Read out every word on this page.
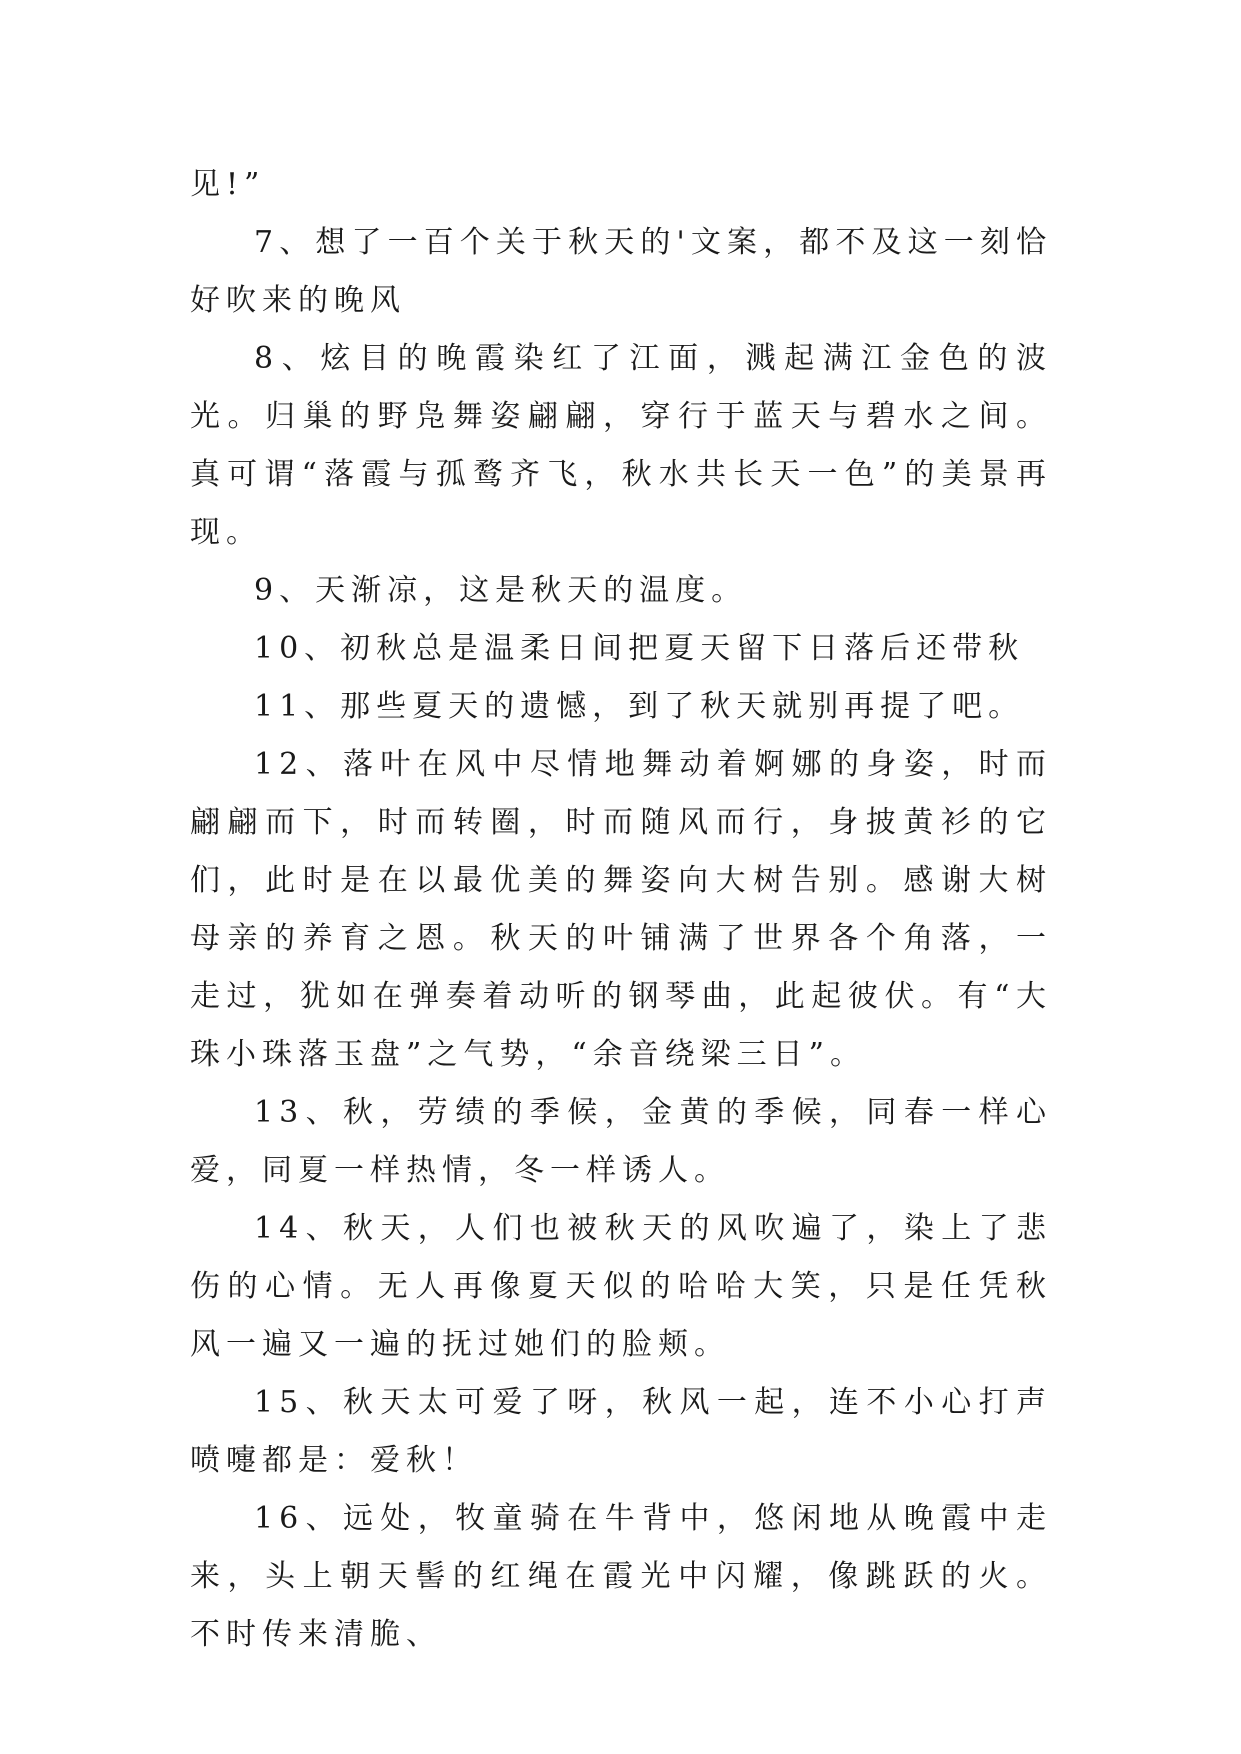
见!”

7、想了一百个关于秋天的'文案，都不及这一刻恰好吹来的晚风

8、炫目的晚霞染红了江面，溅起满江金色的波光。归巢的野凫舞姿翩翩，穿行于蓝天与碧水之间。真可谓“落霞与孤鹜齐飞，秋水共长天一色”的美景再现。

9、天渐凉，这是秋天的温度。

10、初秋总是温柔日间把夏天留下日落后还带秋

11、那些夏天的遗憾，到了秋天就别再提了吧。

12、落叶在风中尽情地舞动着婀娜的身姿，时而翩翩而下，时而转圈，时而随风而行，身披黄衫的它们，此时是在以最优美的舞姿向大树告别。感谢大树母亲的养育之恩。秋天的叶铺满了世界各个角落，一走过，犹如在弹奏着动听的钢琴曲，此起彼伏。有“大珠小珠落玉盘”之气势，“余音绕梁三日”。

13、秋，劳绩的季候，金黄的季候，同春一样心爱，同夏一样热情，冬一样诱人。

14、秋天，人们也被秋天的风吹遍了，染上了悲伤的心情。无人再像夏天似的哈哈大笑，只是任凭秋风一遍又一遍的抚过她们的脸颊。

15、秋天太可爱了呀，秋风一起，连不小心打声喷嚏都是：爱秋！

16、远处，牧童骑在牛背中，悠闲地从晚霞中走来，头上朝天髻的红绳在霞光中闪耀，像跳跃的火。不时传来清脆、
